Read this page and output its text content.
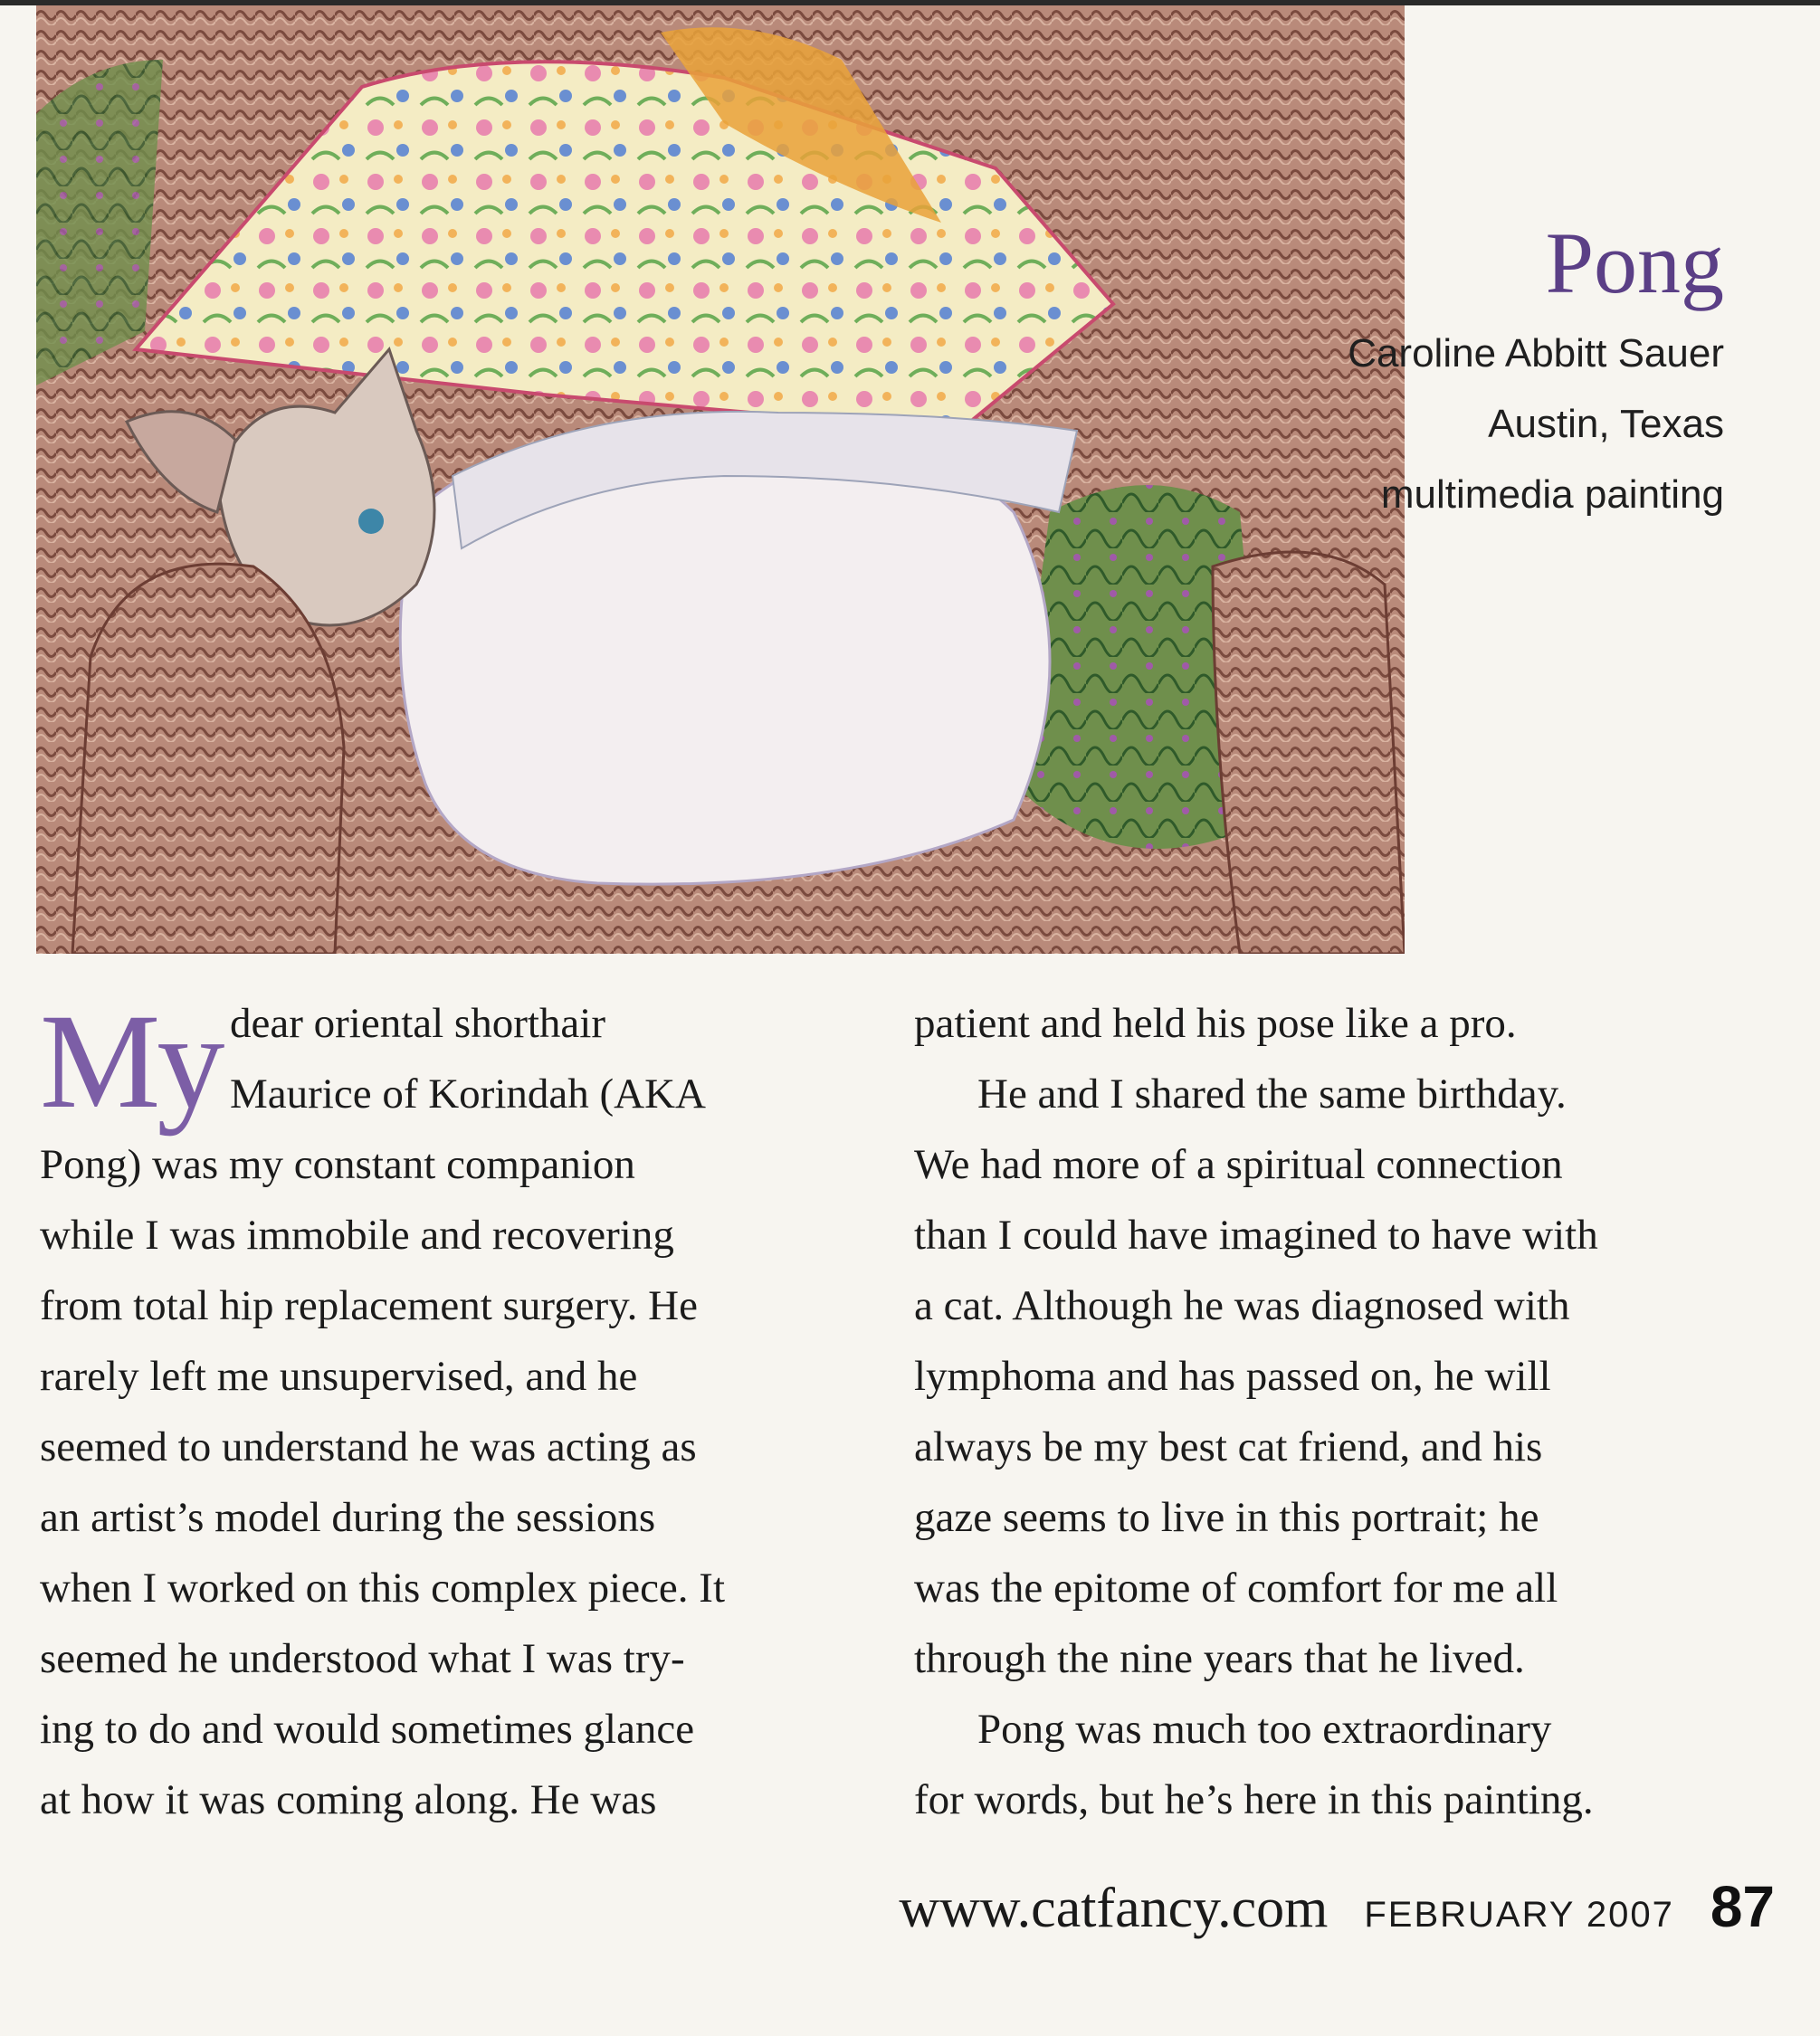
Pong
Caroline Abbitt Sauer
Austin, Texas
multimedia painting
My dear oriental shorthair
Maurice of Korindah (AKA
Pong) was my constant companion
while I was immobile and recovering
from total hip replacement surgery. He
rarely left me unsupervised, and he
seemed to understand he was acting as
an artist’s model during the sessions
when I worked on this complex piece. It
seemed he understood what I was try-
ing to do and would sometimes glance
at how it was coming along. He was
patient and held his pose like a pro.
He and I shared the same birthday.
We had more of a spiritual connection
than I could have imagined to have with
a cat. Although he was diagnosed with
lymphoma and has passed on, he will
always be my best cat friend, and his
gaze seems to live in this portrait; he
was the epitome of comfort for me all
through the nine years that he lived.
Pong was much too extraordinary
for words, but he’s here in this painting.
www.catfancy.com FEBRUARY 2007 87
